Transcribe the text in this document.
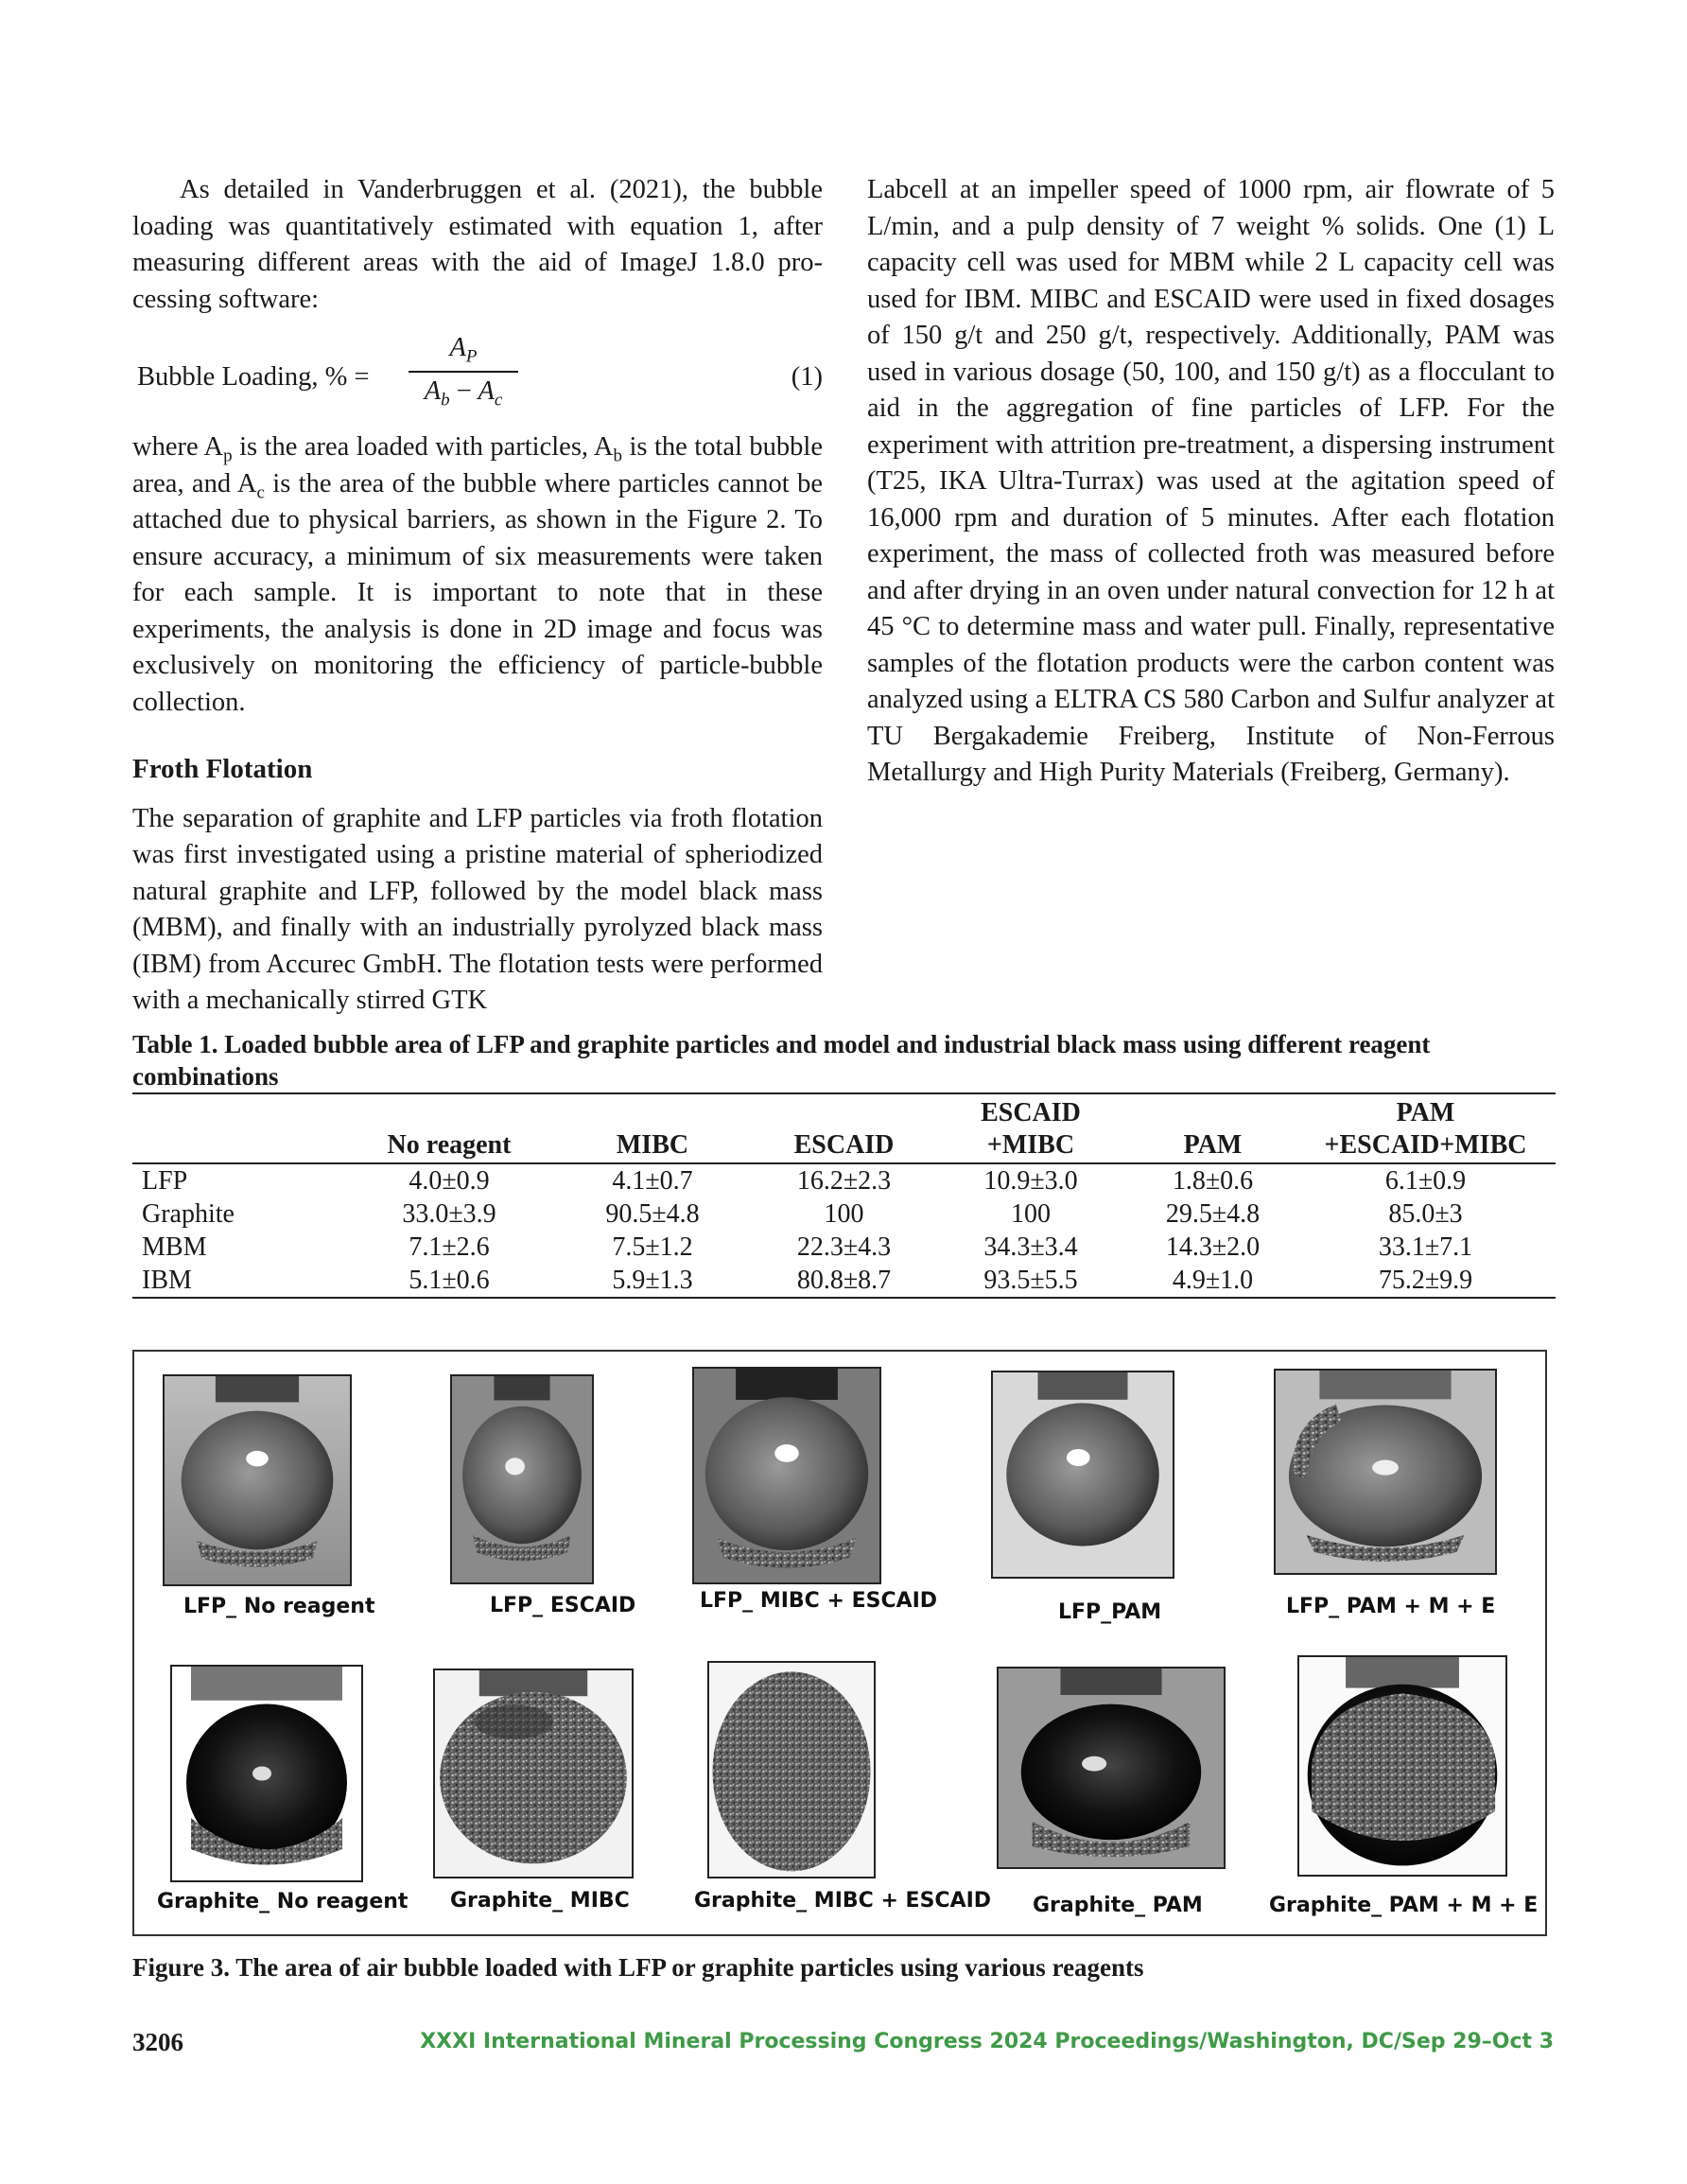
As detailed in Vanderbruggen et al. (2021), the bubble loading was quantitatively estimated with equation 1, after measuring different areas with the aid of ImageJ 1.8.0 processing software:

Bubble Loading, % =
$A_P$
$A_b - A_c$
(1)

where $A_p$ is the area loaded with particles, $A_b$ is the total bubble area, and $A_c$ is the area of the bubble where particles cannot be attached due to physical barriers, as shown in the Figure 2. To ensure accuracy, a minimum of six measurements were taken for each sample. It is important to note that in these experiments, the analysis is done in 2D image and focus was exclusively on monitoring the efficiency of particle-bubble collection.

Froth Flotation

The separation of graphite and LFP particles via froth flotation was first investigated using a pristine material of spheriodized natural graphite and LFP, followed by the model black mass (MBM), and finally with an industrially pyrolyzed black mass (IBM) from Accurec GmbH. The flotation tests were performed with a mechanically stirred GTK

Labcell at an impeller speed of 1000 rpm, air flowrate of 5 L/min, and a pulp density of 7 weight % solids. One (1) L capacity cell was used for MBM while 2 L capacity cell was used for IBM. MIBC and ESCAID were used in fixed dosages of 150 g/t and 250 g/t, respectively. Additionally, PAM was used in various dosage (50, 100, and 150 g/t) as a flocculant to aid in the aggregation of fine particles of LFP. For the experiment with attrition pre-treatment, a dispersing instrument (T25, IKA Ultra-Turrax) was used at the agitation speed of 16,000 rpm and duration of 5 minutes. After each flotation experiment, the mass of collected froth was measured before and after drying in an oven under natural convection for 12 h at 45 °C to determine mass and water pull. Finally, representative samples of the flotation products were the carbon content was analyzed using a ELTRA CS 580 Carbon and Sulfur analyzer at TU Bergakademie Freiberg, Institute of Non-Ferrous Metallurgy and High Purity Materials (Freiberg, Germany).

Table 1. Loaded bubble area of LFP and graphite particles and model and industrial black mass using different reagent combinations
				ESCAID		PAM
	No reagent	MIBC	ESCAID	+MIBC	PAM	+ESCAID+MIBC
LFP	4.0±0.9	4.1±0.7	16.2±2.3	10.9±3.0	1.8±0.6	6.1±0.9
Graphite	33.0±3.9	90.5±4.8	100	100	29.5±4.8	85.0±3
MBM	7.1±2.6	7.5±1.2	22.3±4.3	34.3±3.4	14.3±2.0	33.1±7.1
IBM	5.1±0.6	5.9±1.3	80.8±8.7	93.5±5.5	4.9±1.0	75.2±9.9
LFP_ No reagent	LFP_ ESCAID	LFP_ MIBC + ESCAID	LFP_PAM	LFP_ PAM + M + E
Graphite_ No reagent Graphite_ MIBC	Graphite_ MIBC + ESCAID Graphite_ PAM	Graphite_ PAM + M + E
Figure 3. The area of air bubble loaded with LFP or graphite particles using various reagents
3206	XXXI International Mineral Processing Congress 2024 Proceedings/Washington, DC/Sep 29–Oct 3
